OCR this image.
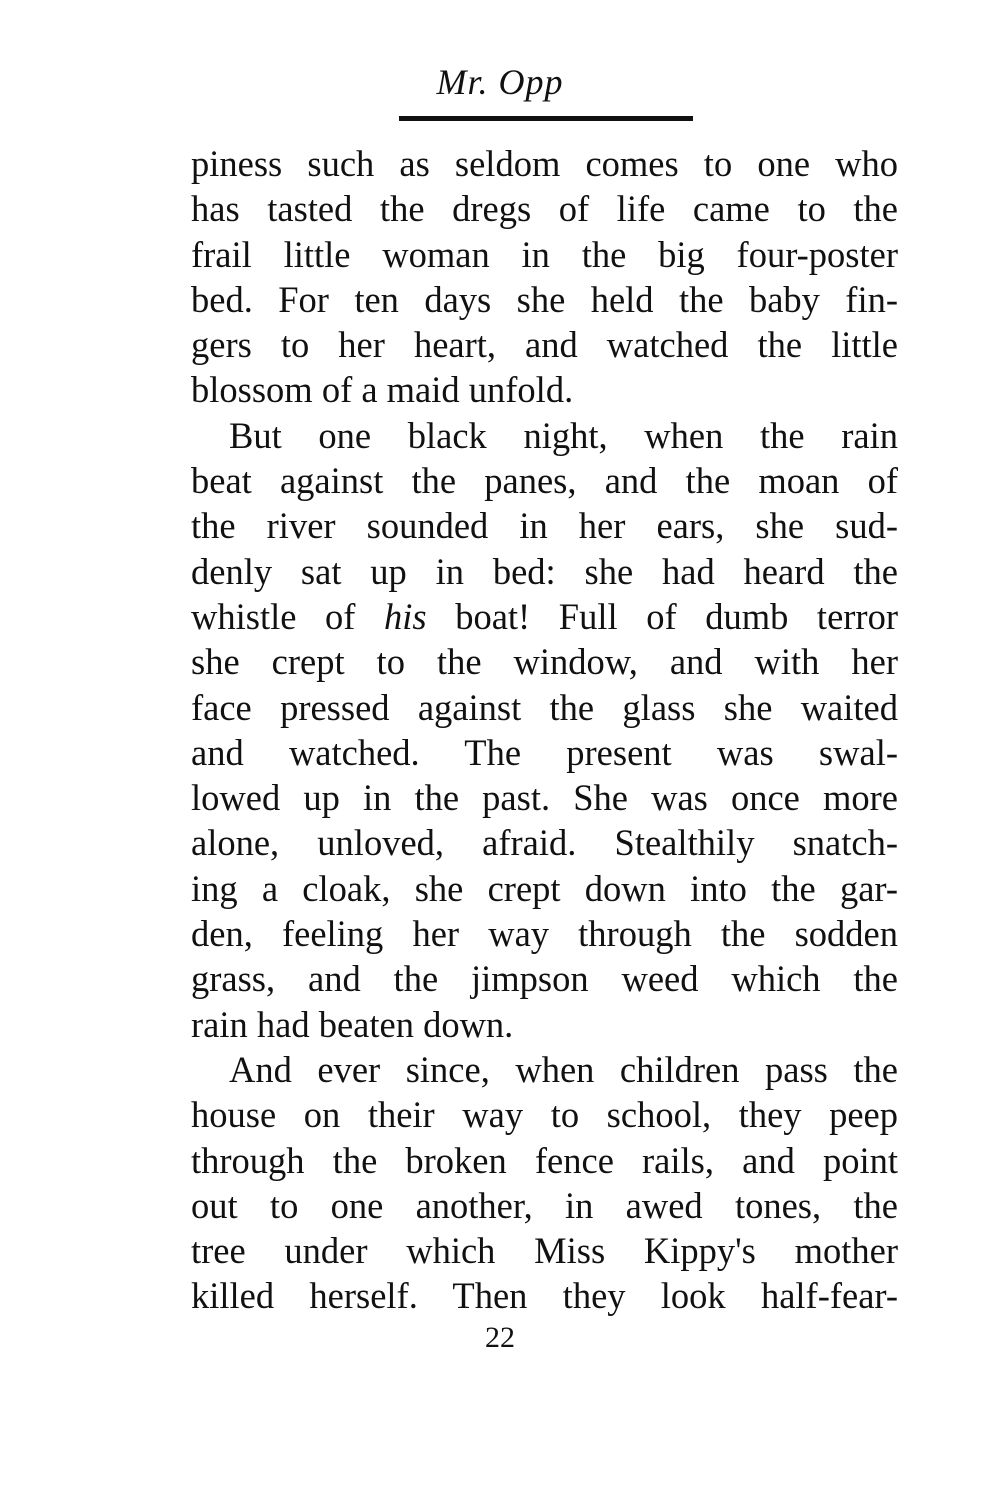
Mr. Opp
piness such as seldom comes to one who
has tasted the dregs of life came to the
frail little woman in the big four-poster
bed. For ten days she held the baby fin-
gers to her heart, and watched the little
blossom of a maid unfold.
But one black night, when the rain
beat against the panes, and the moan of
the river sounded in her ears, she sud-
denly sat up in bed: she had heard the
whistle of his boat! Full of dumb terror
she crept to the window, and with her
face pressed against the glass she waited
and watched. The present was swal-
lowed up in the past. She was once more
alone, unloved, afraid. Stealthily snatch-
ing a cloak, she crept down into the gar-
den, feeling her way through the sodden
grass, and the jimpson weed which the
rain had beaten down.
And ever since, when children pass the
house on their way to school, they peep
through the broken fence rails, and point
out to one another, in awed tones, the
tree under which Miss Kippy's mother
killed herself. Then they look half-fear-
22
